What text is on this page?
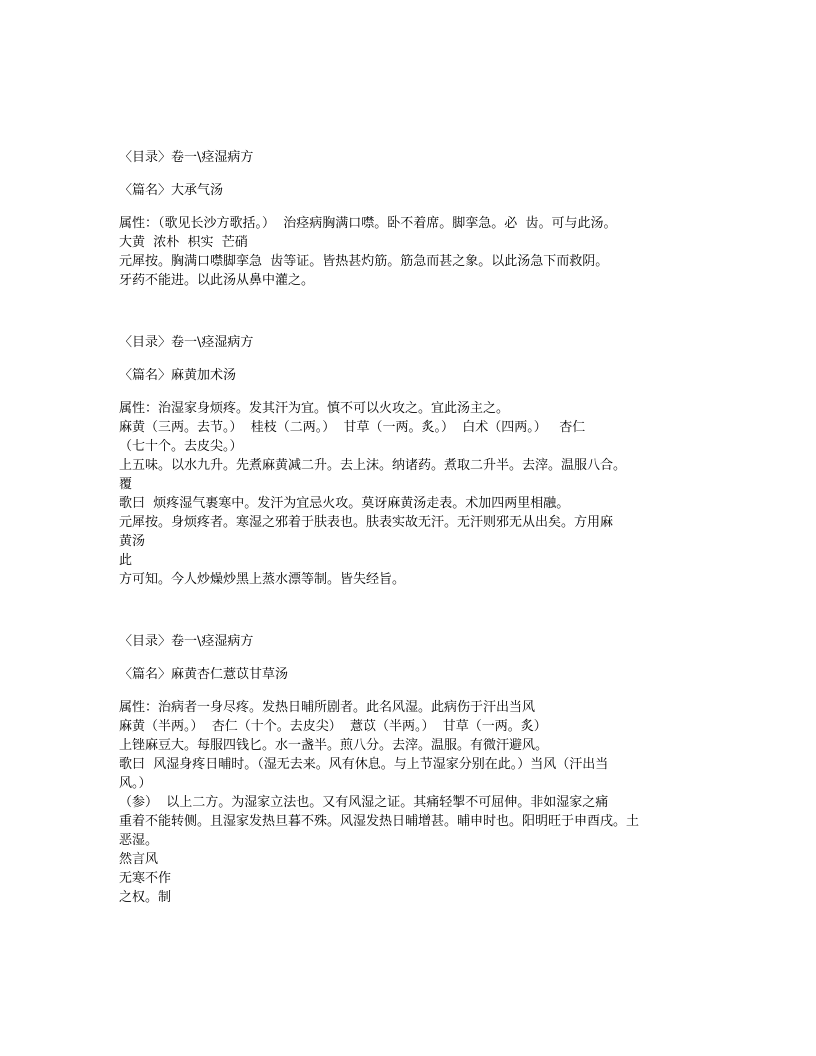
〈目录〉卷一\痉湿病方
〈篇名〉大承气汤
属性：（歌见长沙方歌括。）  治痉病胸满口噤。卧不着席。脚挛急。必  齿。可与此汤。
大黄  浓朴  枳实  芒硝
元犀按。胸满口噤脚挛急  齿等证。皆热甚灼筋。筋急而甚之象。以此汤急下而救阴。
牙药不能进。以此汤从鼻中灌之。
〈目录〉卷一\痉湿病方
〈篇名〉麻黄加术汤
属性：治湿家身烦疼。发其汗为宜。慎不可以火攻之。宜此汤主之。
麻黄（三两。去节。）  桂枝（二两。）  甘草（一两。炙。）  白术（四两。）   杏仁
（七十个。去皮尖。）
上五味。以水九升。先煮麻黄减二升。去上沫。纳诸药。煮取二升半。去滓。温服八合。
覆
歌曰  烦疼湿气裹寒中。发汗为宜忌火攻。莫讶麻黄汤走表。术加四两里相融。
元犀按。身烦疼者。寒湿之邪着于肤表也。肤表实故无汗。无汗则邪无从出矣。方用麻
黄汤
此
方可知。今人炒燥炒黑上蒸水漂等制。皆失经旨。
〈目录〉卷一\痉湿病方
〈篇名〉麻黄杏仁薏苡甘草汤
属性：治病者一身尽疼。发热日晡所剧者。此名风湿。此病伤于汗出当风
麻黄（半两。）  杏仁（十个。去皮尖）  薏苡（半两。）  甘草（一两。炙）
上锉麻豆大。每服四钱匕。水一盏半。煎八分。去滓。温服。有微汗避风。
歌曰  风湿身疼日晡时。（湿无去来。风有休息。与上节湿家分别在此。）当风（汗出当
风。）
（参）  以上二方。为湿家立法也。又有风湿之证。其痛轻掣不可屈伸。非如湿家之痛
重着不能转侧。且湿家发热旦暮不殊。风湿发热日晡增甚。晡申时也。阳明旺于申酉戌。土
恶湿。
然言风
无寒不作
之权。制
